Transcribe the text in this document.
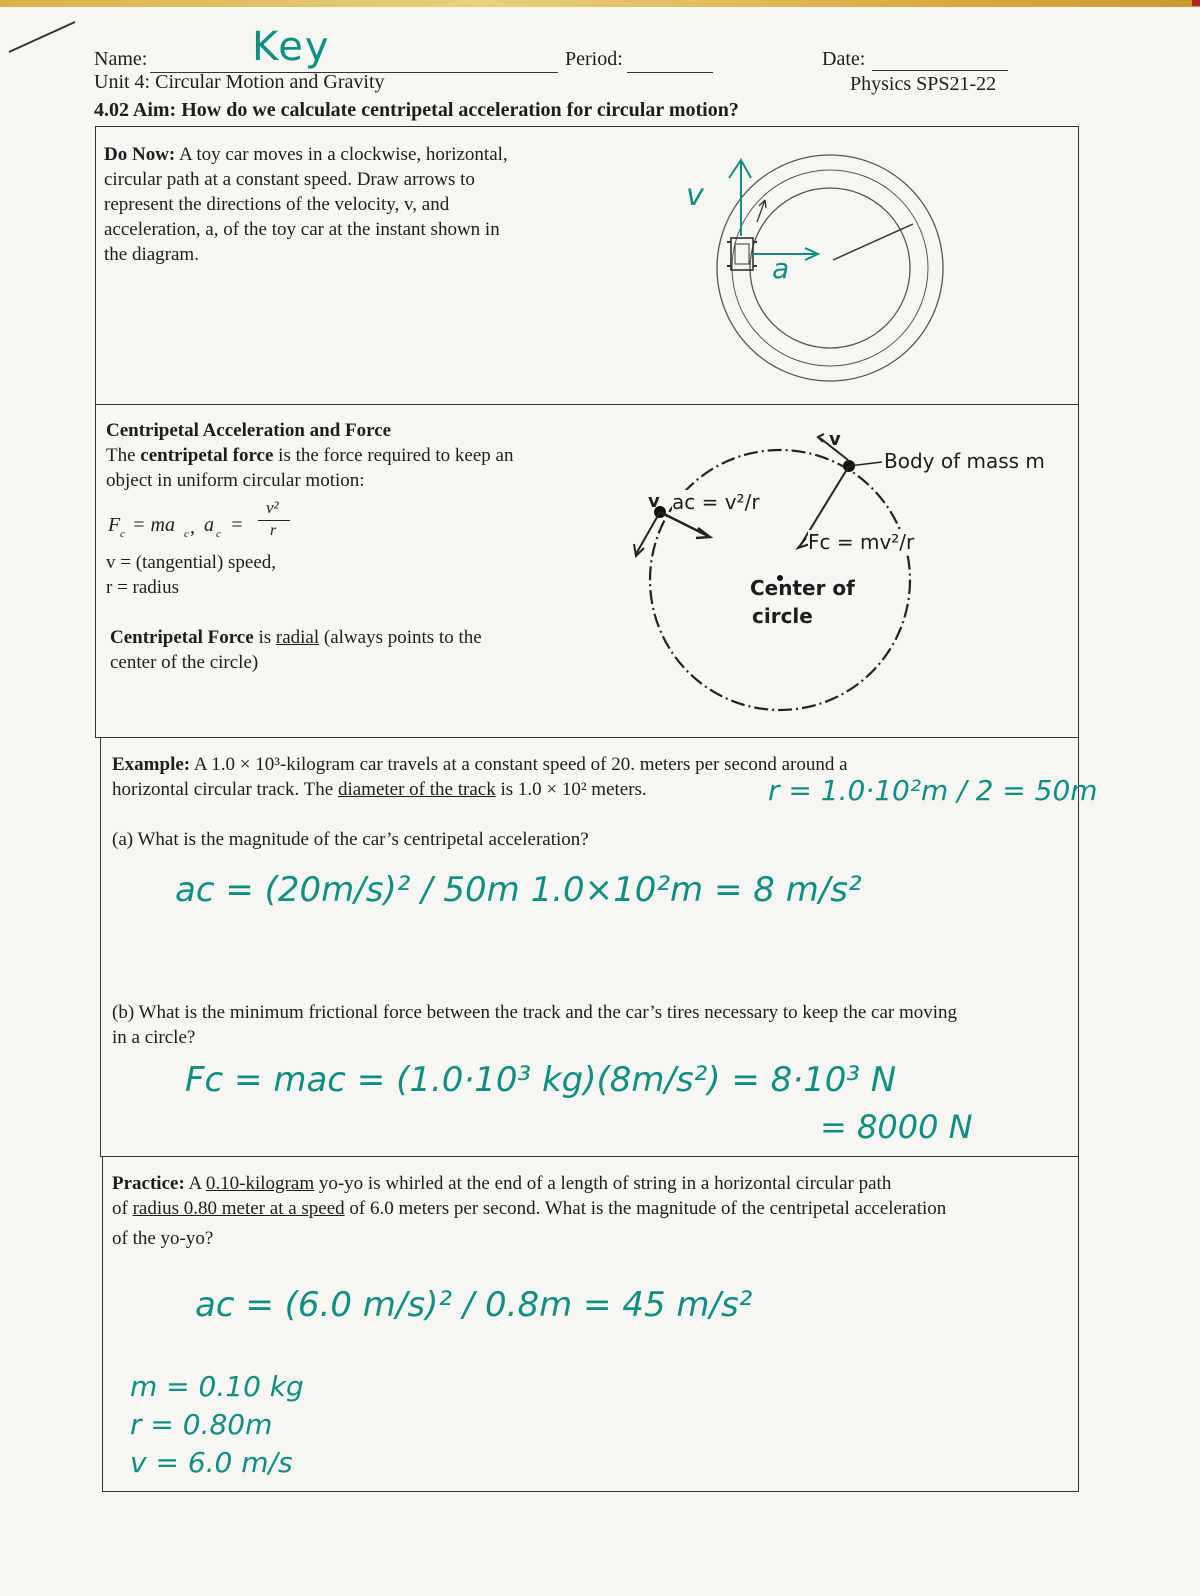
Name:	Key	Period:	Date:
Unit 4: Circular Motion and Gravity	Physics SPS21-22
4.02 Aim: How do we calculate centripetal acceleration for circular motion?
Do Now: A toy car moves in a clockwise, horizontal,
circular path at a constant speed. Draw arrows to
represent the directions of the velocity, v, and
acceleration, a, of the toy car at the instant shown in
the diagram.
v
a
Centripetal Acceleration and Force
The centripetal force is the force required to keep an
object in uniform circular motion:
F c = ma c , a c =
v²
r
v = (tangential) speed,
r = radius
Centripetal Force is radial (always points to the
center of the circle)
Body of mass m
v
v ac = v²/r
Fc = mv²/r
Center of
circle
Example: A 1.0 × 10³-kilogram car travels at a constant speed of 20. meters per second around a
horizontal circular track. The diameter of the track is 1.0 × 10² meters.	r = 1.0·10²m / 2 = 50m
(a) What is the magnitude of the car’s centripetal acceleration?
ac = (20m/s)² / 50m 1.0×10²m = 8 m/s²
(b) What is the minimum frictional force between the track and the car’s tires necessary to keep the car moving
in a circle?
Fc = mac = (1.0·10³ kg)(8m/s²) = 8·10³ N
= 8000 N
Practice: A 0.10-kilogram yo-yo is whirled at the end of a length of string in a horizontal circular path
of radius 0.80 meter at a speed of 6.0 meters per second. What is the magnitude of the centripetal acceleration
of the yo-yo?
ac = (6.0 m/s)² / 0.8m = 45 m/s²
m = 0.10 kg
r = 0.80m
v = 6.0 m/s
